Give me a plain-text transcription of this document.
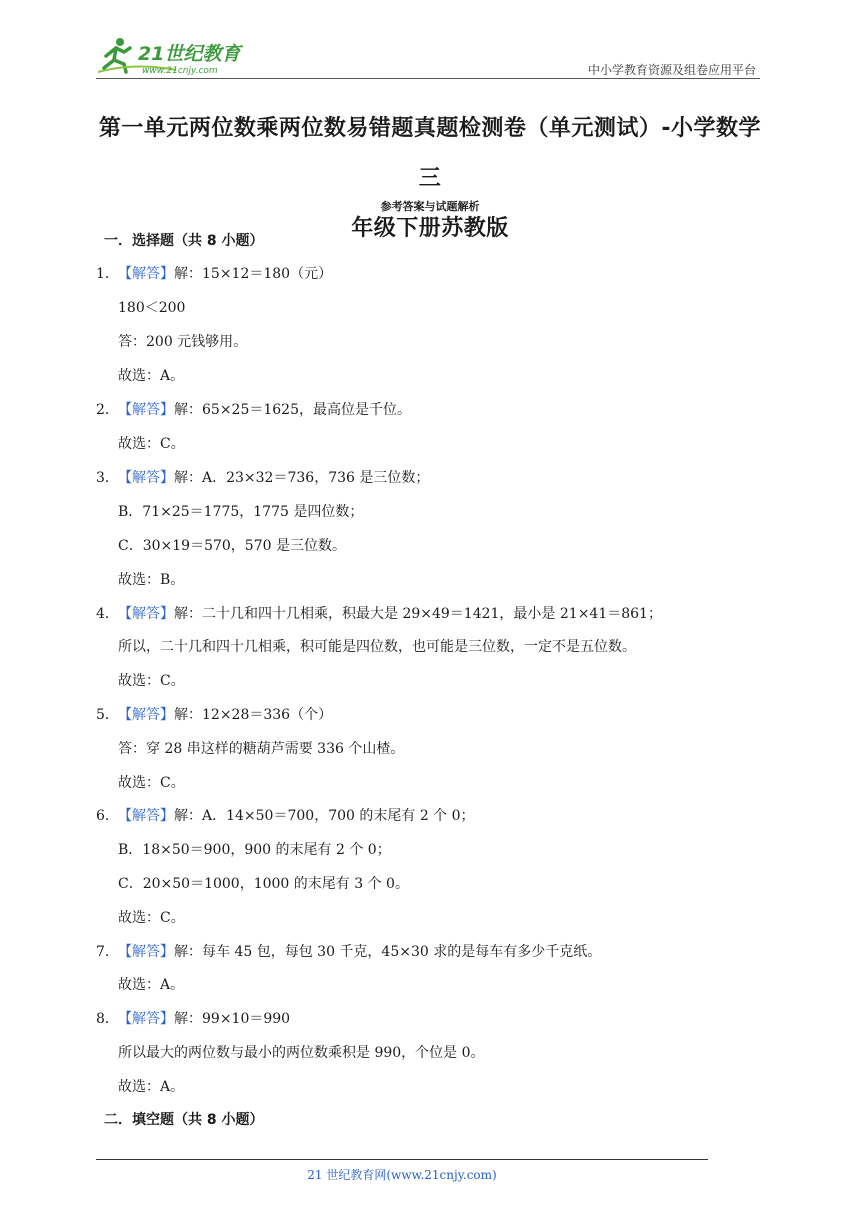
21世纪教育
www.21cnjy.com	中小学教育资源及组卷应用平台
第一单元两位数乘两位数易错题真题检测卷（单元测试）-小学数学三
年级下册苏教版
参考答案与试题解析
一．选择题（共 8 小题）
1．【解答】解：15×12＝180（元）
180＜200
答：200 元钱够用。
故选：A。
2．【解答】解：65×25＝1625，最高位是千位。
故选：C。
3．【解答】解：A．23×32＝736，736 是三位数；
B．71×25＝1775，1775 是四位数；
C．30×19＝570，570 是三位数。
故选：B。
4．【解答】解：二十几和四十几相乘，积最大是 29×49＝1421，最小是 21×41＝861；
所以，二十几和四十几相乘，积可能是四位数，也可能是三位数，一定不是五位数。
故选：C。
5．【解答】解：12×28＝336（个）
答：穿 28 串这样的糖葫芦需要 336 个山楂。
故选：C。
6．【解答】解：A．14×50＝700，700 的末尾有 2 个 0；
B．18×50＝900，900 的末尾有 2 个 0；
C．20×50＝1000，1000 的末尾有 3 个 0。
故选：C。
7．【解答】解：每车 45 包，每包 30 千克，45×30 求的是每车有多少千克纸。
故选：A。
8．【解答】解：99×10＝990
所以最大的两位数与最小的两位数乘积是 990，个位是 0。
故选：A。
二．填空题（共 8 小题）
21 世纪教育网(www.21cnjy.com)
